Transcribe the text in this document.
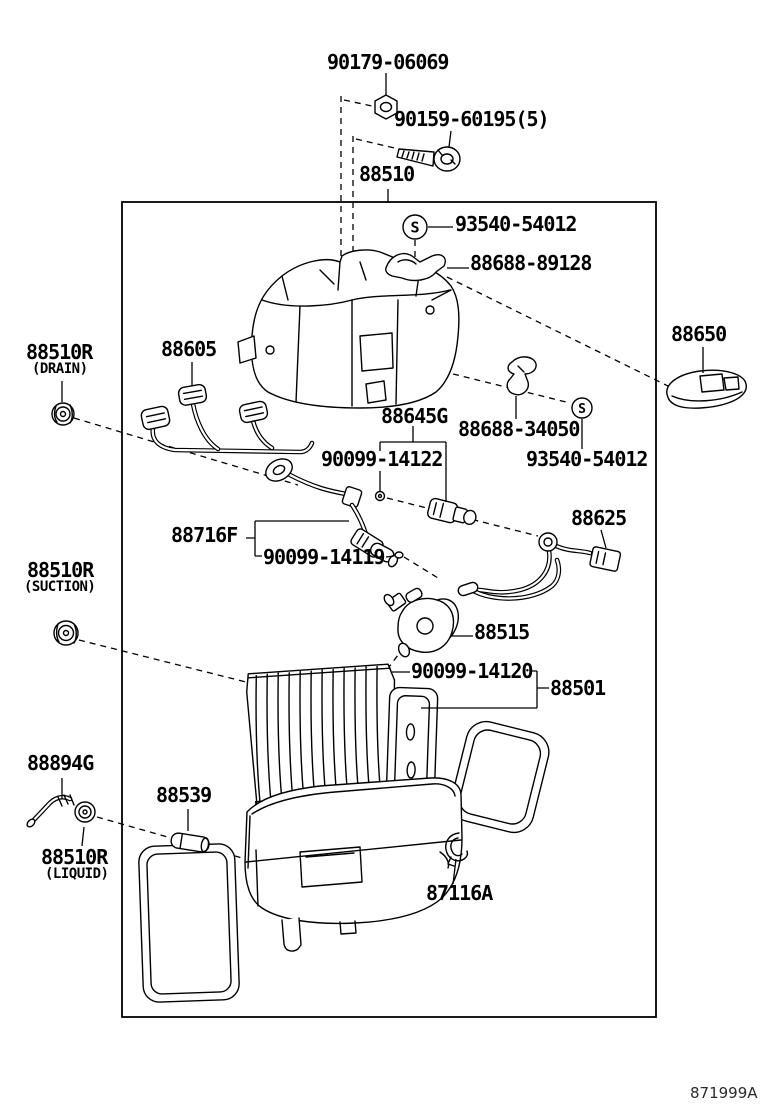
S
S
90179-06069
90159-60195(5)
88510
93540-54012
88688-89128
88650
88510R
(DRAIN)
88605
88645G
88688-34050
93540-54012
90099-14122
88625
88716F
90099-14119
88510R
(SUCTION)
88515
90099-14120
88501
88894G
88539
88510R
(LIQUID)
87116A
871999A
